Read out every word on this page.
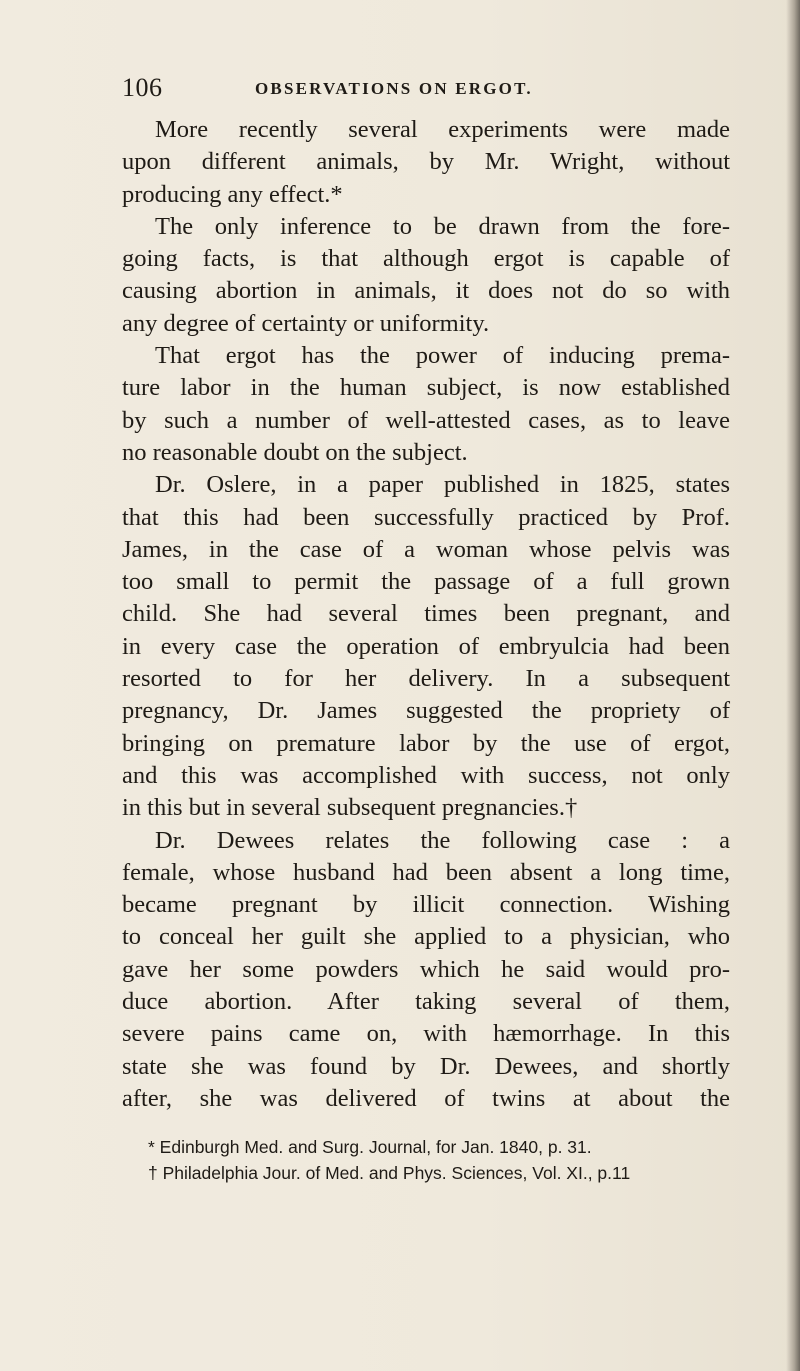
106	OBSERVATIONS ON ERGOT.
More recently several experiments were made
upon different animals, by Mr. Wright, without
producing any effect.*
The only inference to be drawn from the fore-
going facts, is that although ergot is capable of
causing abortion in animals, it does not do so with
any degree of certainty or uniformity.
That ergot has the power of inducing prema-
ture labor in the human subject, is now established
by such a number of well-attested cases, as to leave
no reasonable doubt on the subject.
Dr. Oslere, in a paper published in 1825, states
that this had been successfully practiced by Prof.
James, in the case of a woman whose pelvis was
too small to permit the passage of a full grown
child. She had several times been pregnant, and
in every case the operation of embryulcia had been
resorted to for her delivery. In a subsequent
pregnancy, Dr. James suggested the propriety of
bringing on premature labor by the use of ergot,
and this was accomplished with success, not only
in this but in several subsequent pregnancies.†
Dr. Dewees relates the following case : a
female, whose husband had been absent a long time,
became pregnant by illicit connection. Wishing
to conceal her guilt she applied to a physician, who
gave her some powders which he said would pro-
duce abortion. After taking several of them,
severe pains came on, with hæmorrhage. In this
state she was found by Dr. Dewees, and shortly
after, she was delivered of twins at about the
* Edinburgh Med. and Surg. Journal, for Jan. 1840, p. 31.
† Philadelphia Jour. of Med. and Phys. Sciences, Vol. XI., p.11
